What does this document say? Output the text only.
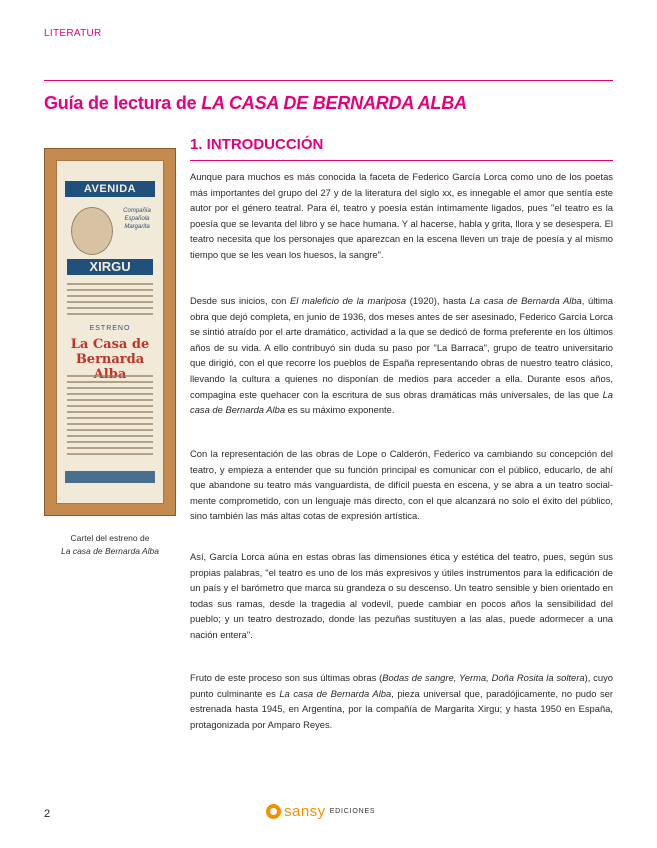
LITERATUR
Guía de lectura de LA CASA DE BERNARDA ALBA
AVENIDA
Compañía Española Margarita
XIRGU
ESTRENO
La Casa de
Bernarda
Cartel del estreno de
La casa de Bernarda Alba
1. INTRODUCCIÓN
Aunque para muchos es más conocida la faceta de Federico García Lorca como uno de los poetas más importantes del grupo del 27 y de la literatura del siglo xx, es innegable el amor que sentía este autor por el género teatral. Para él, teatro y poesía están íntimamente ligados, pues "el teatro es la poesía que se levanta del libro y se hace humana. Y al hacerse, habla y grita, llora y se desespera. El teatro necesita que los personajes que aparezcan en la escena lleven un traje de poesía y al mismo tiempo que se les vean los huesos, la sangre".
Desde sus inicios, con El maleficio de la mariposa (1920), hasta La casa de Bernarda Alba, última obra que dejó completa, en junio de 1936, dos meses antes de ser asesinado, Federico García Lorca se sintió atraído por el arte dramático, actividad a la que se dedicó de forma preferente en los últimos años de su vida. A ello contribuyó sin duda su paso por "La Barraca", grupo de teatro universitario que dirigió, con el que recorre los pueblos de España representando obras de nuestro teatro clásico, llevando la cultura a quienes no disponían de medios para acceder a ella. Durante esos años, compagina este quehacer con la escritura de sus obras dramáticas más universales, de las que La casa de Bernarda Alba es su máximo exponente.
Con la representación de las obras de Lope o Calderón, Federico va cambiando su concepción del teatro, y empieza a entender que su función principal es comunicar con el público, educarlo, de ahí que abandone su teatro más vanguardista, de difícil puesta en escena, y se abra a un teatro social- mente comprometido, con un lenguaje más directo, con el que alcanzará no solo el éxito del público, sino también las más altas cotas de expresión artística.
Así, García Lorca aúna en estas obras las dimensiones ética y estética del teatro, pues, según sus propias palabras, "el teatro es uno de los más expresivos y útiles instrumentos para la edificación de un país y el barómetro que marca su grandeza o su descenso. Un teatro sensible y bien orientado en todas sus ramas, desde la tragedia al vodevil, puede cambiar en pocos años la sensibilidad del pueblo; y un teatro destrozado, donde las pezuñas sustituyen a las alas, puede adormecer a una nación entera".
Fruto de este proceso son sus últimas obras (Bodas de sangre, Yerma, Doña Rosita la soltera), cuyo punto culminante es La casa de Bernarda Alba, pieza universal que, paradójicamente, no pudo ser estrenada hasta 1945, en Argentina, por la compañía de Margarita Xirgu; y hasta 1950 en España, protagonizada por Amparo Reyes.
2	sansy EDICIONES
